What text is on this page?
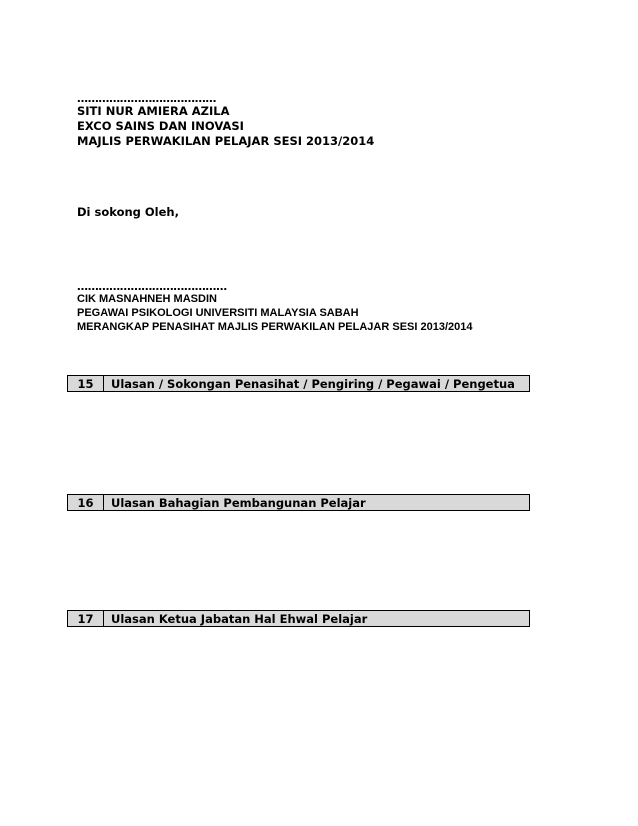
…………………………………
SITI NUR AMIERA AZILA
EXCO SAINS DAN INOVASI
MAJLIS PERWAKILAN PELAJAR SESI 2013/2014
Di sokong Oleh,
……………………………………
CIK MASNAHNEH MASDIN
PEGAWAI PSIKOLOGI UNIVERSITI MALAYSIA SABAH
MERANGKAP PENASIHAT MAJLIS PERWAKILAN PELAJAR SESI 2013/2014
15	Ulasan / Sokongan Penasihat / Pengiring / Pegawai / Pengetua
16	Ulasan Bahagian Pembangunan Pelajar
17	Ulasan Ketua Jabatan Hal Ehwal Pelajar
